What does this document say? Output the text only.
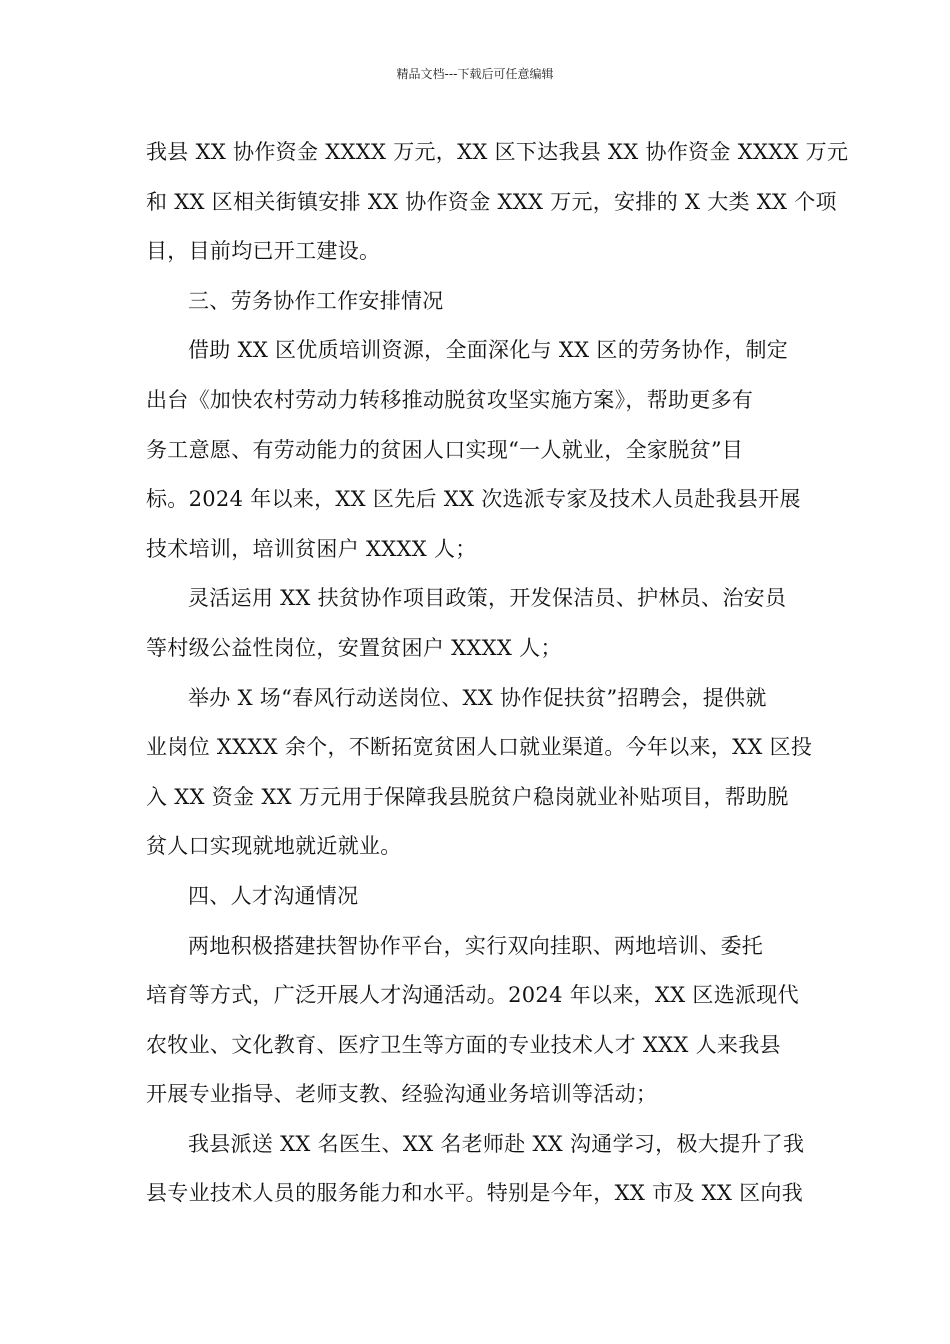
精品文档---下载后可任意编辑

我县 XX 协作资金 XXXX 万元，XX 区下达我县 XX 协作资金 XXXX 万元

和 XX 区相关街镇安排 XX 协作资金 XXX 万元，安排的 X 大类 XX 个项

目，目前均已开工建设。

三、劳务协作工作安排情况

借助 XX 区优质培训资源，全面深化与 XX 区的劳务协作，制定

出台《加快农村劳动力转移推动脱贫攻坚实施方案》，帮助更多有

务工意愿、有劳动能力的贫困人口实现“一人就业，全家脱贫”目

标。2024 年以来，XX 区先后 XX 次选派专家及技术人员赴我县开展

技术培训，培训贫困户 XXXX 人；

灵活运用 XX 扶贫协作项目政策，开发保洁员、护林员、治安员

等村级公益性岗位，安置贫困户 XXXX 人；

举办 X 场“春风行动送岗位、XX 协作促扶贫”招聘会，提供就

业岗位 XXXX 余个，不断拓宽贫困人口就业渠道。今年以来，XX 区投

入 XX 资金 XX 万元用于保障我县脱贫户稳岗就业补贴项目，帮助脱

贫人口实现就地就近就业。

四、人才沟通情况

两地积极搭建扶智协作平台，实行双向挂职、两地培训、委托

培育等方式，广泛开展人才沟通活动。2024 年以来，XX 区选派现代

农牧业、文化教育、医疗卫生等方面的专业技术人才 XXX 人来我县

开展专业指导、老师支教、经验沟通业务培训等活动；

我县派送 XX 名医生、XX 名老师赴 XX 沟通学习，极大提升了我

县专业技术人员的服务能力和水平。特别是今年，XX 市及 XX 区向我
